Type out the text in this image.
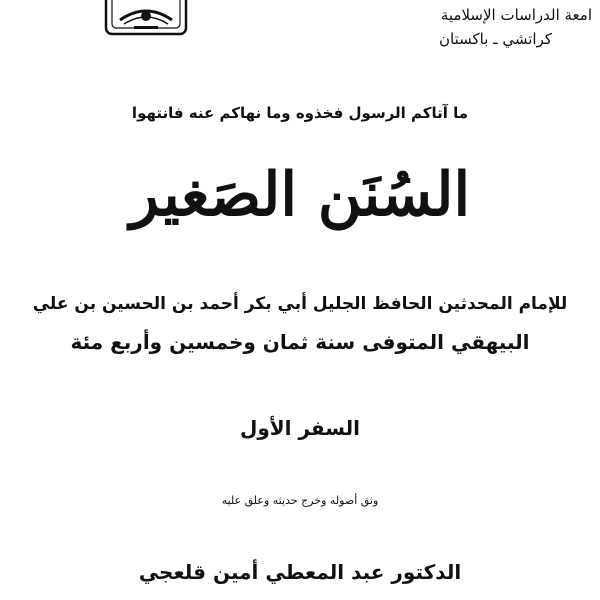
امعة الدراسات الإسلامية
كراتشي ـ باكستان
ما آتاكم الرسول فخذوه وما نهاكم عنه فانتهوا
السُنَن الصَغير
للإمام المحدثين الحافظ الجليل أبي بكر أحمد بن الحسين بن علي
البيهقي المتوفى سنة ثمان وخمسين وأربع مئة
السفر الأول
وثق أصوله وخرج حديثه وعلق عليه
الدكتور عبد المعطي أمين قلعجي
